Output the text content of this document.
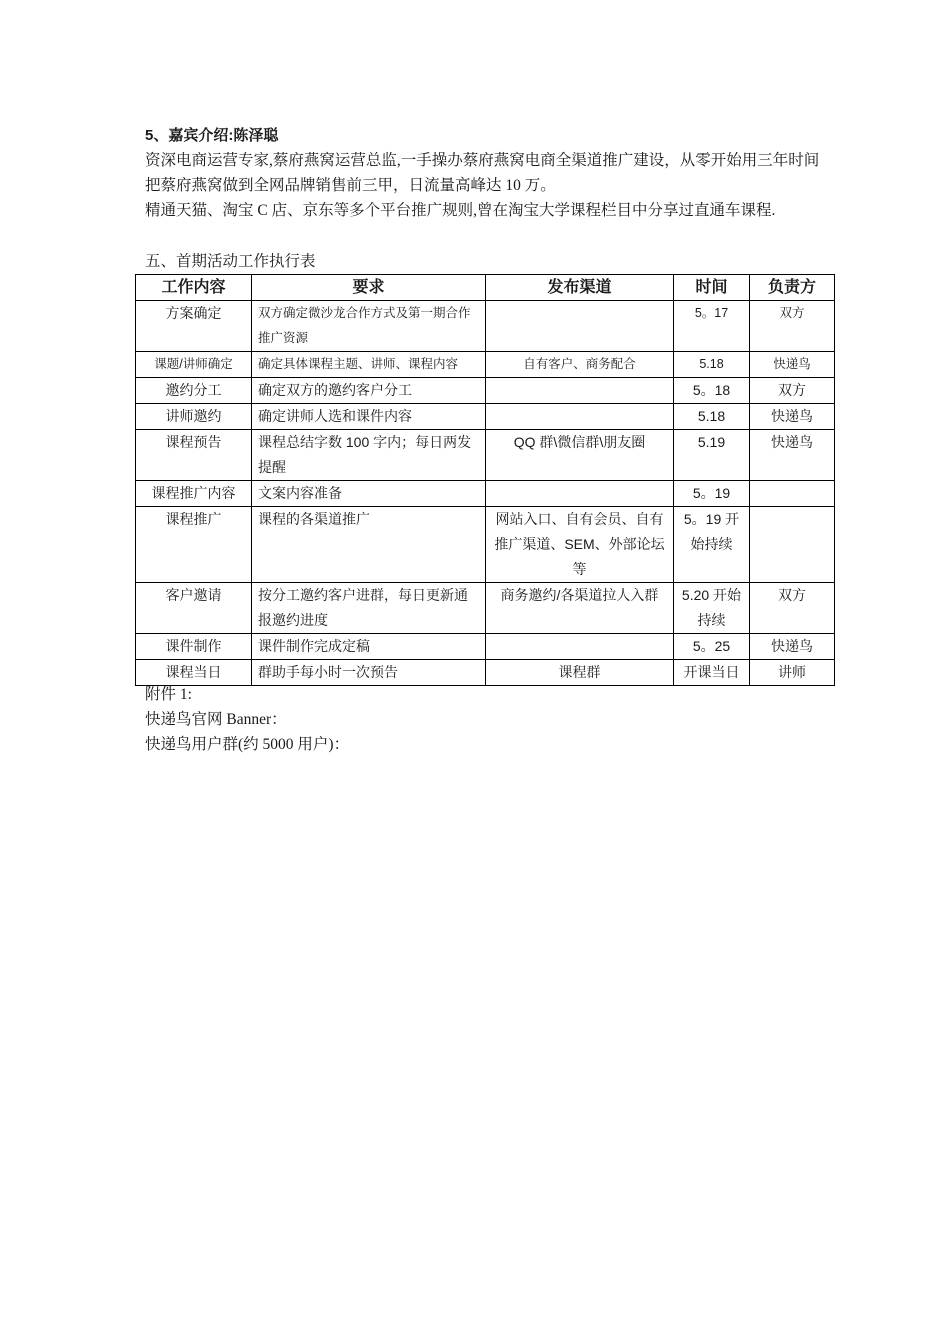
5、嘉宾介绍:陈泽聪
资深电商运营专家,蔡府燕窝运营总监,一手操办蔡府燕窝电商全渠道推广建设，从零开始用三年时间把蔡府燕窝做到全网品牌销售前三甲，日流量高峰达 10 万。
精通天猫、淘宝 C 店、京东等多个平台推广规则,曾在淘宝大学课程栏目中分享过直通车课程.
五、首期活动工作执行表
工作内容	要求	发布渠道	时间	负责方
方案确定	双方确定微沙龙合作方式及第一期合作推广资源		5。17	双方
课题/讲师确定	确定具体课程主题、讲师、课程内容	自有客户、商务配合	5.18	快递鸟
邀约分工	确定双方的邀约客户分工		5。18	双方
讲师邀约	确定讲师人选和课件内容		5.18	快递鸟
课程预告	课程总结字数 100 字内；每日两发提醒	QQ 群\微信群\朋友圈	5.19	快递鸟
课程推广内容	文案内容准备		5。19	
课程推广	课程的各渠道推广	网站入口、自有会员、自有推广渠道、SEM、外部论坛等	5。19 开始持续	
客户邀请	按分工邀约客户进群，每日更新通报邀约进度	商务邀约/各渠道拉人入群	5.20 开始持续	双方
课件制作	课件制作完成定稿		5。25	快递鸟
课程当日	群助手每小时一次预告	课程群	开课当日	讲师
附件 1:
快递鸟官网 Banner：
快递鸟用户群(约 5000 用户)：
